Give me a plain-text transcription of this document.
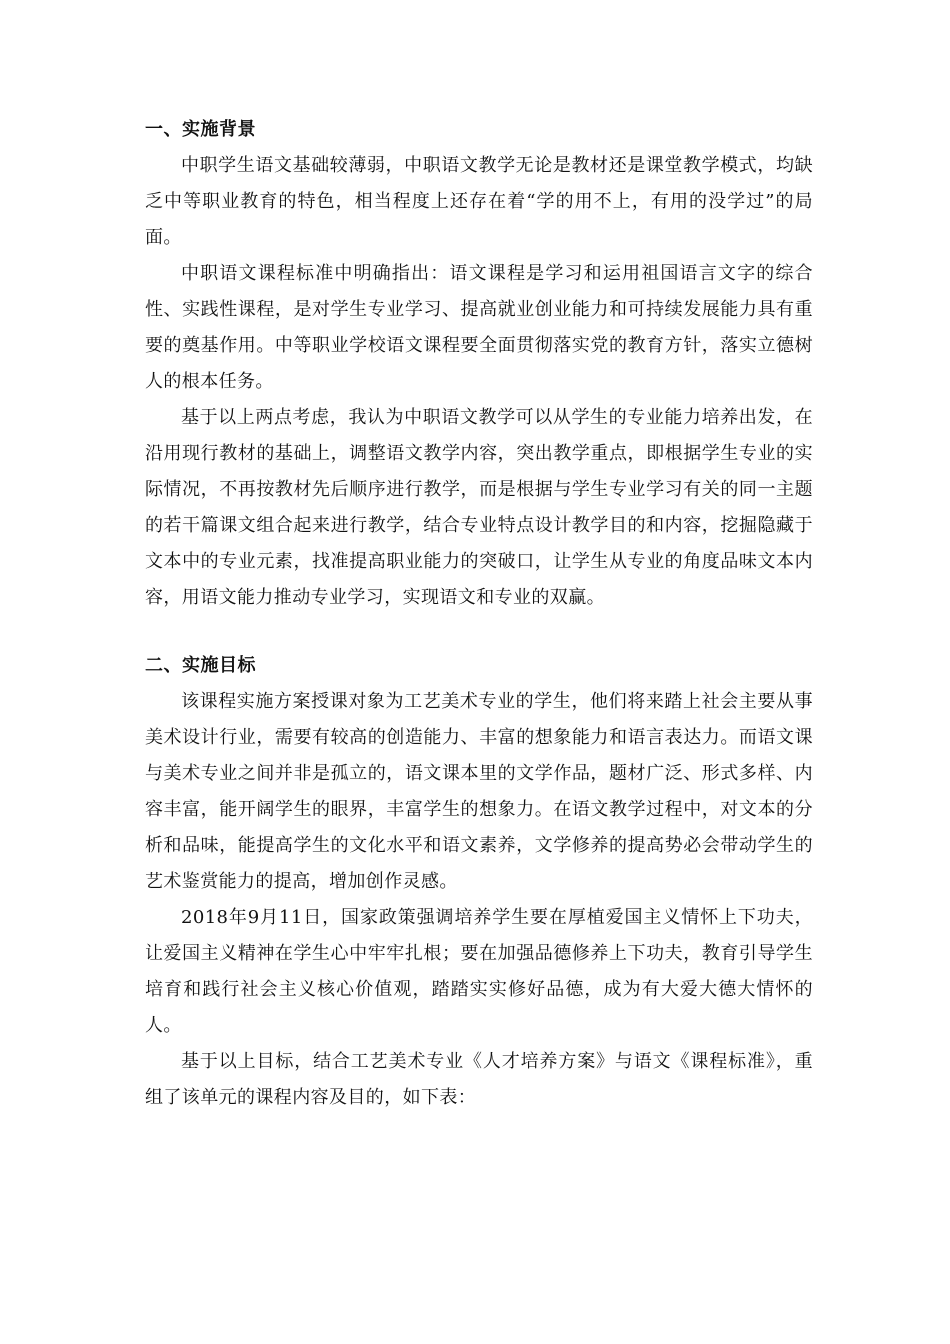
一、实施背景

中职学生语文基础较薄弱，中职语文教学无论是教材还是课堂教学模式，均缺乏中等职业教育的特色，相当程度上还存在着“学的用不上，有用的没学过”的局面。

中职语文课程标准中明确指出：语文课程是学习和运用祖国语言文字的综合性、实践性课程，是对学生专业学习、提高就业创业能力和可持续发展能力具有重要的奠基作用。中等职业学校语文课程要全面贯彻落实党的教育方针，落实立德树人的根本任务。

基于以上两点考虑，我认为中职语文教学可以从学生的专业能力培养出发，在沿用现行教材的基础上，调整语文教学内容，突出教学重点，即根据学生专业的实际情况，不再按教材先后顺序进行教学，而是根据与学生专业学习有关的同一主题的若干篇课文组合起来进行教学，结合专业特点设计教学目的和内容，挖掘隐藏于文本中的专业元素，找准提高职业能力的突破口，让学生从专业的角度品味文本内容，用语文能力推动专业学习，实现语文和专业的双赢。

二、实施目标

该课程实施方案授课对象为工艺美术专业的学生，他们将来踏上社会主要从事美术设计行业，需要有较高的创造能力、丰富的想象能力和语言表达力。而语文课与美术专业之间并非是孤立的，语文课本里的文学作品，题材广泛、形式多样、内容丰富，能开阔学生的眼界，丰富学生的想象力。在语文教学过程中，对文本的分析和品味，能提高学生的文化水平和语文素养，文学修养的提高势必会带动学生的艺术鉴赏能力的提高，增加创作灵感。

2018年9月11日，国家政策强调培养学生要在厚植爱国主义情怀上下功夫，让爱国主义精神在学生心中牢牢扎根；要在加强品德修养上下功夫，教育引导学生培育和践行社会主义核心价值观，踏踏实实修好品德，成为有大爱大德大情怀的人。

基于以上目标，结合工艺美术专业《人才培养方案》与语文《课程标准》，重组了该单元的课程内容及目的，如下表：
